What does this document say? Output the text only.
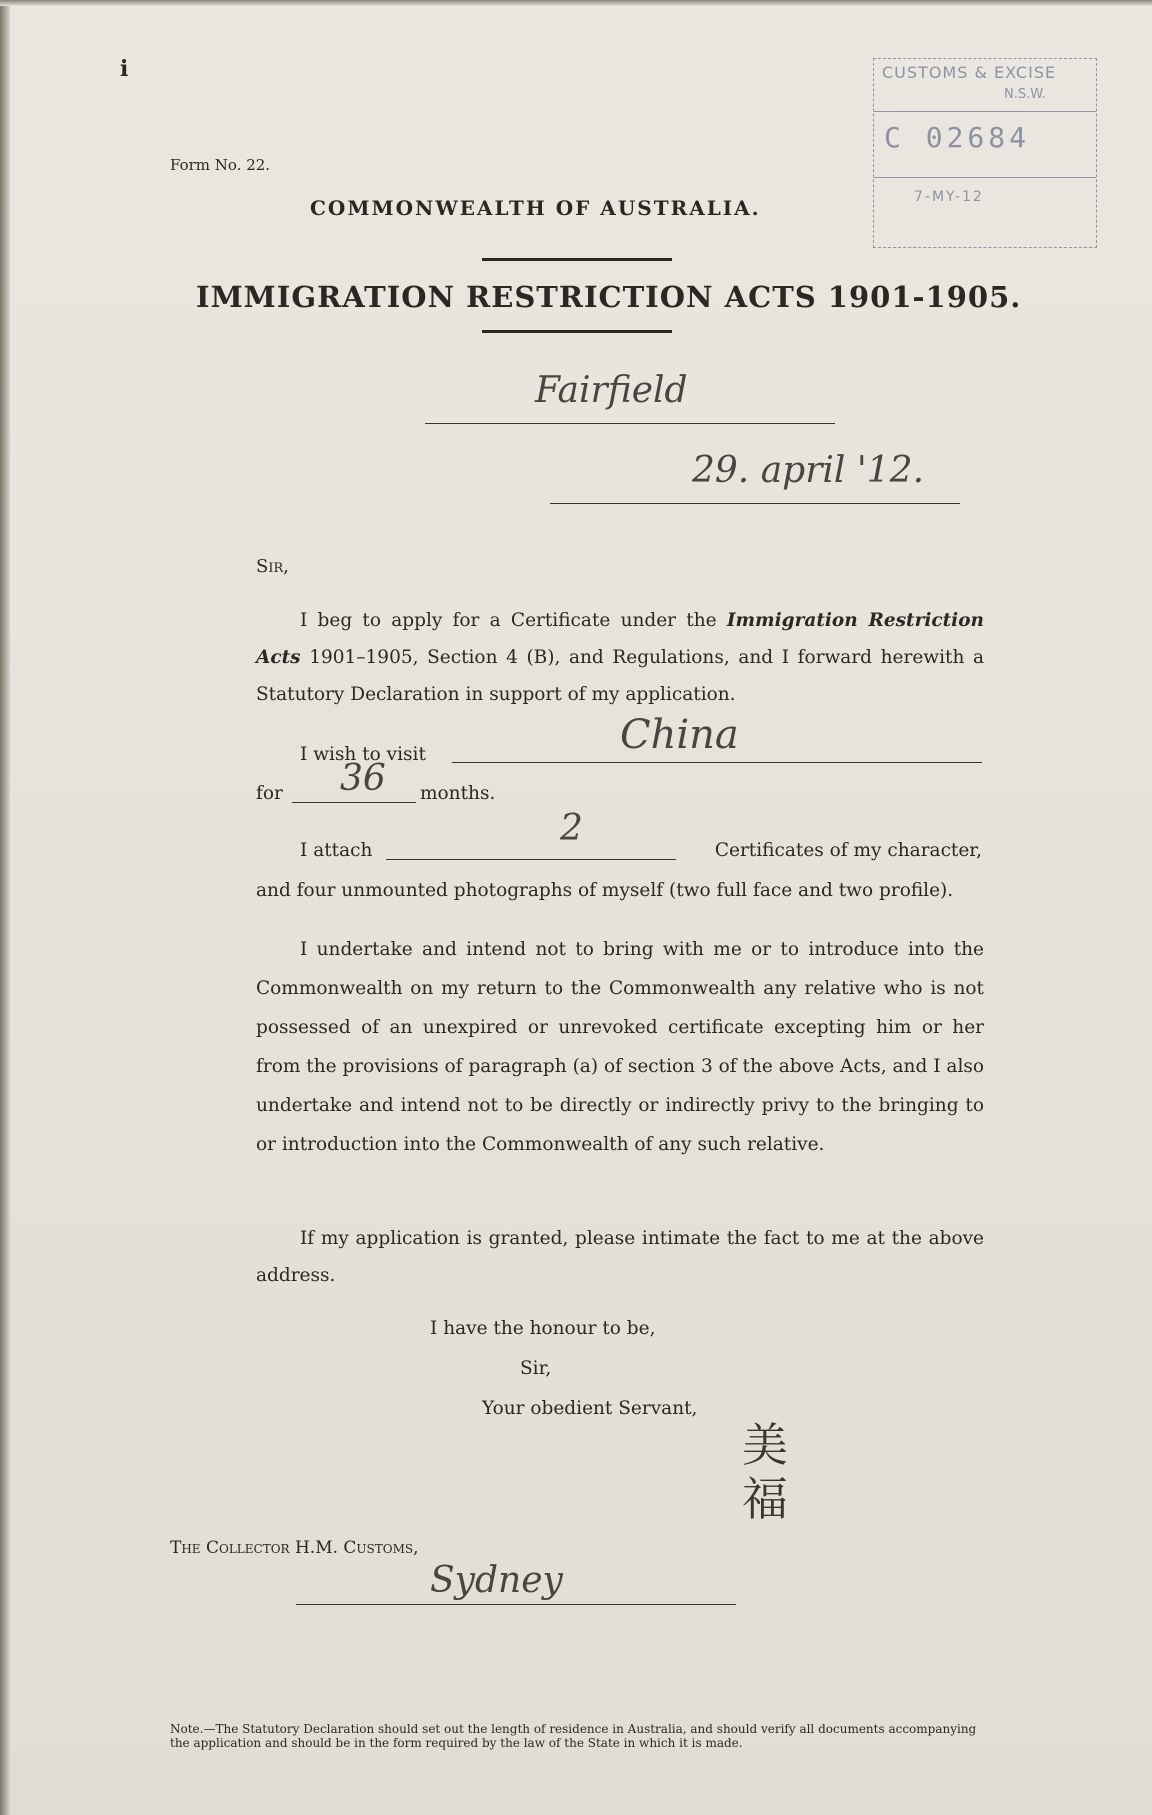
i
Form No. 22.
CUSTOMS & EXCISE
N.S.W.
C 02684
7-MY-12
COMMONWEALTH OF AUSTRALIA.
IMMIGRATION RESTRICTION ACTS 1901-1905.
Fairfield
29. april '12.
Sir,
I beg to apply for a Certificate under the Immigration Restriction Acts 1901–1905, Section 4 (B), and Regulations, and I forward herewith a Statutory Declaration in support of my application.
I wish to visit	China
for 36 months.
I attach
2
Certificates of my character,
and four unmounted photographs of myself (two full face and two profile).
I undertake and intend not to bring with me or to introduce into the Commonwealth on my return to the Commonwealth any relative who is not possessed of an unexpired or unrevoked certificate excepting him or her from the provisions of paragraph (a) of section 3 of the above Acts, and I also undertake and intend not to be directly or indirectly privy to the bringing to or introduction into the Commonwealth of any such relative.
If my application is granted, please intimate the fact to me at the above address.
I have the honour to be,
Sir,
Your obedient Servant,
美
福
The Collector H.M. Customs,
Sydney
Note.—The Statutory Declaration should set out the length of residence in Australia, and should verify all documents accompanying the application and should be in the form required by the law of the State in which it is made.
